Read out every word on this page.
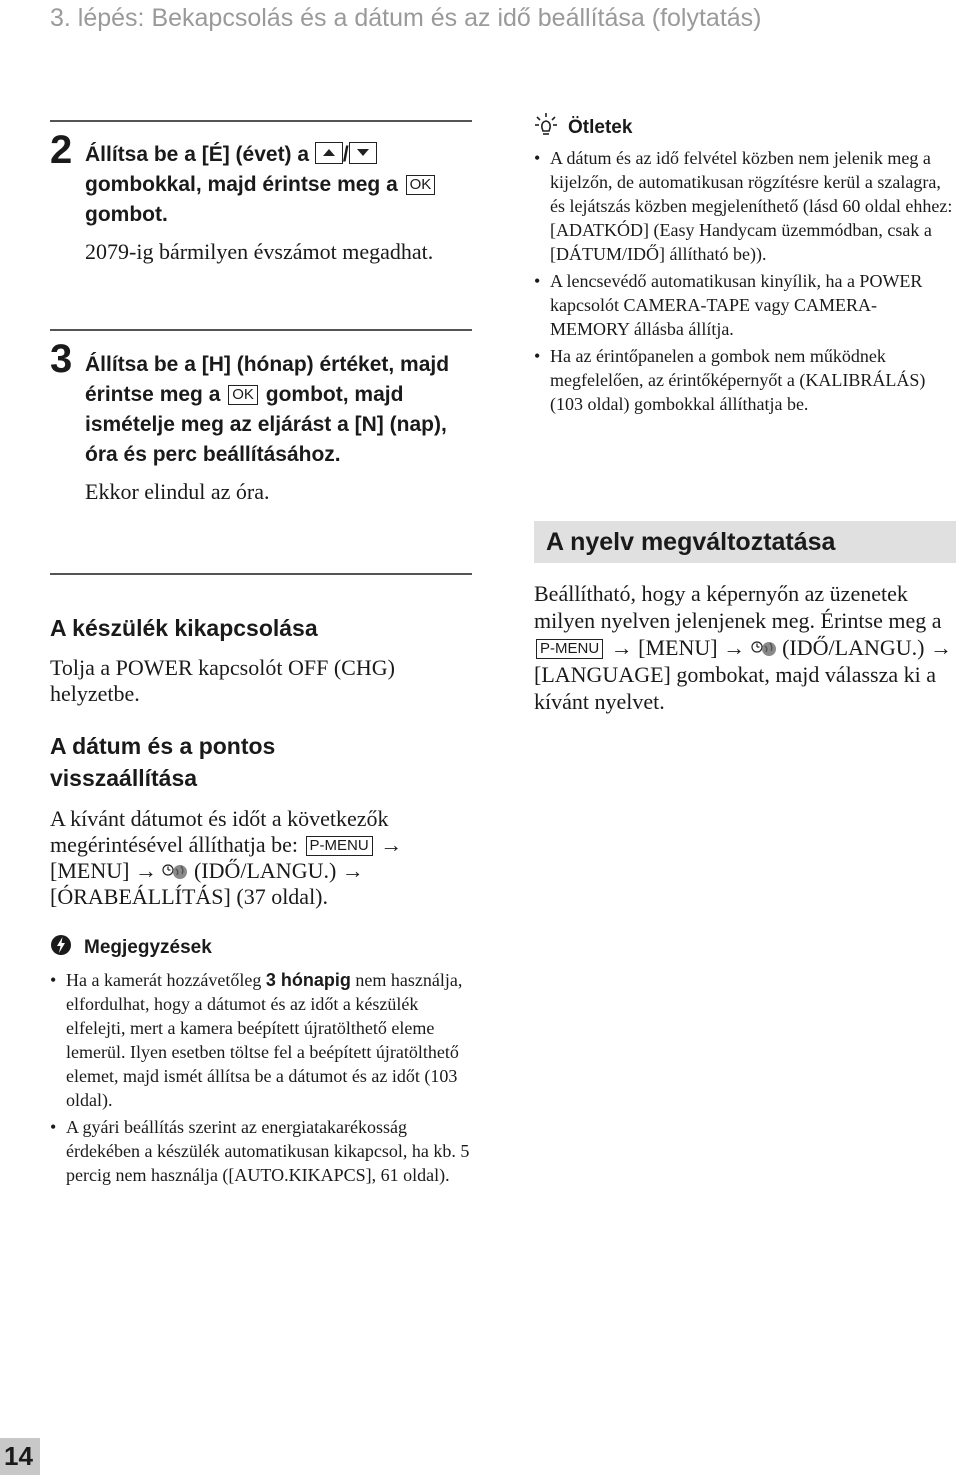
3. lépés: Bekapcsolás és a dátum és az idő beállítása (folytatás)
2 Állítsa be a [É] (évet) a / gombokkal, majd érintse meg a OK gombot.
2079-ig bármilyen évszámot megadhat.
3 Állítsa be a [H] (hónap) értéket, majd érintse meg a OK gombot, majd ismételje meg az eljárást a [N] (nap), óra és perc beállításához.
Ekkor elindul az óra.
A készülék kikapcsolása
Tolja a POWER kapcsolót OFF (CHG) helyzetbe.
A dátum és a pontos visszaállítása
A kívánt dátumot és időt a következők megérintésével állíthatja be: P-MENU → [MENU] → (IDŐ/LANGU.) → [ÓRABEÁLLÍTÁS] (37 oldal).
Megjegyzések
• Ha a kamerát hozzávetőleg 3 hónapig nem használja, elfordulhat, hogy a dátumot és az időt a készülék elfelejti, mert a kamera beépített újratölthető eleme lemerül. Ilyen esetben töltse fel a beépített újratölthető elemet, majd ismét állítsa be a dátumot és az időt (103 oldal).
• A gyári beállítás szerint az energiatakarékosság érdekében a készülék automatikusan kikapcsol, ha kb. 5 percig nem használja ([AUTO.KIKAPCS], 61 oldal).
Ötletek
• A dátum és az idő felvétel közben nem jelenik meg a kijelzőn, de automatikusan rögzítésre kerül a szalagra, és lejátszás közben megjeleníthető (lásd 60 oldal ehhez: [ADATKÓD] (Easy Handycam üzemmódban, csak a [DÁTUM/IDŐ] állítható be)).
• A lencsevédő automatikusan kinyílik, ha a POWER kapcsolót CAMERA-TAPE vagy CAMERA-MEMORY állásba állítja.
• Ha az érintőpanelen a gombok nem működnek megfelelően, az érintőképernyőt a (KALIBRÁLÁS) (103 oldal) gombokkal állíthatja be.
A nyelv megváltoztatása
Beállítható, hogy a képernyőn az üzenetek milyen nyelven jelenjenek meg. Érintse meg a P-MENU → [MENU] → (IDŐ/LANGU.) → [LANGUAGE] gombokat, majd válassza ki a kívánt nyelvet.
14
